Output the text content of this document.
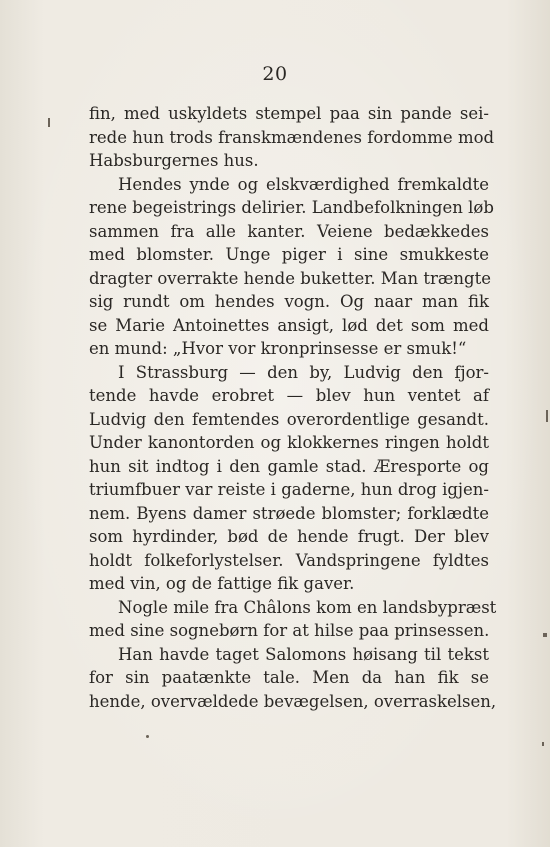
20
fin, med uskyldets stempel paa sin pande sei-
rede hun trods franskmændenes fordomme mod
Habsburgernes hus.
Hendes ynde og elskværdighed fremkaldte
rene begeistrings delirier. Landbefolkningen løb
sammen fra alle kanter. Veiene bedækkedes
med blomster. Unge piger i sine smukkeste
dragter overrakte hende buketter. Man trængte
sig rundt om hendes vogn. Og naar man fik
se Marie Antoinettes ansigt, lød det som med
en mund: „Hvor vor kronprinsesse er smuk!“
I Strassburg — den by, Ludvig den fjor-
tende havde erobret — blev hun ventet af
Ludvig den femtendes overordentlige gesandt.
Under kanontorden og klokkernes ringen holdt
hun sit indtog i den gamle stad. Æresporte og
triumfbuer var reiste i gaderne, hun drog igjen-
nem. Byens damer strøede blomster; forklædte
som hyrdinder, bød de hende frugt. Der blev
holdt folkeforlystelser. Vandspringene fyldtes
med vin, og de fattige fik gaver.
Nogle mile fra Châlons kom en landsbypræst
med sine sognebørn for at hilse paa prinsessen.
Han havde taget Salomons høisang til tekst
for sin paatænkte tale. Men da han fik se
hende, overvældede bevægelsen, overraskelsen,
